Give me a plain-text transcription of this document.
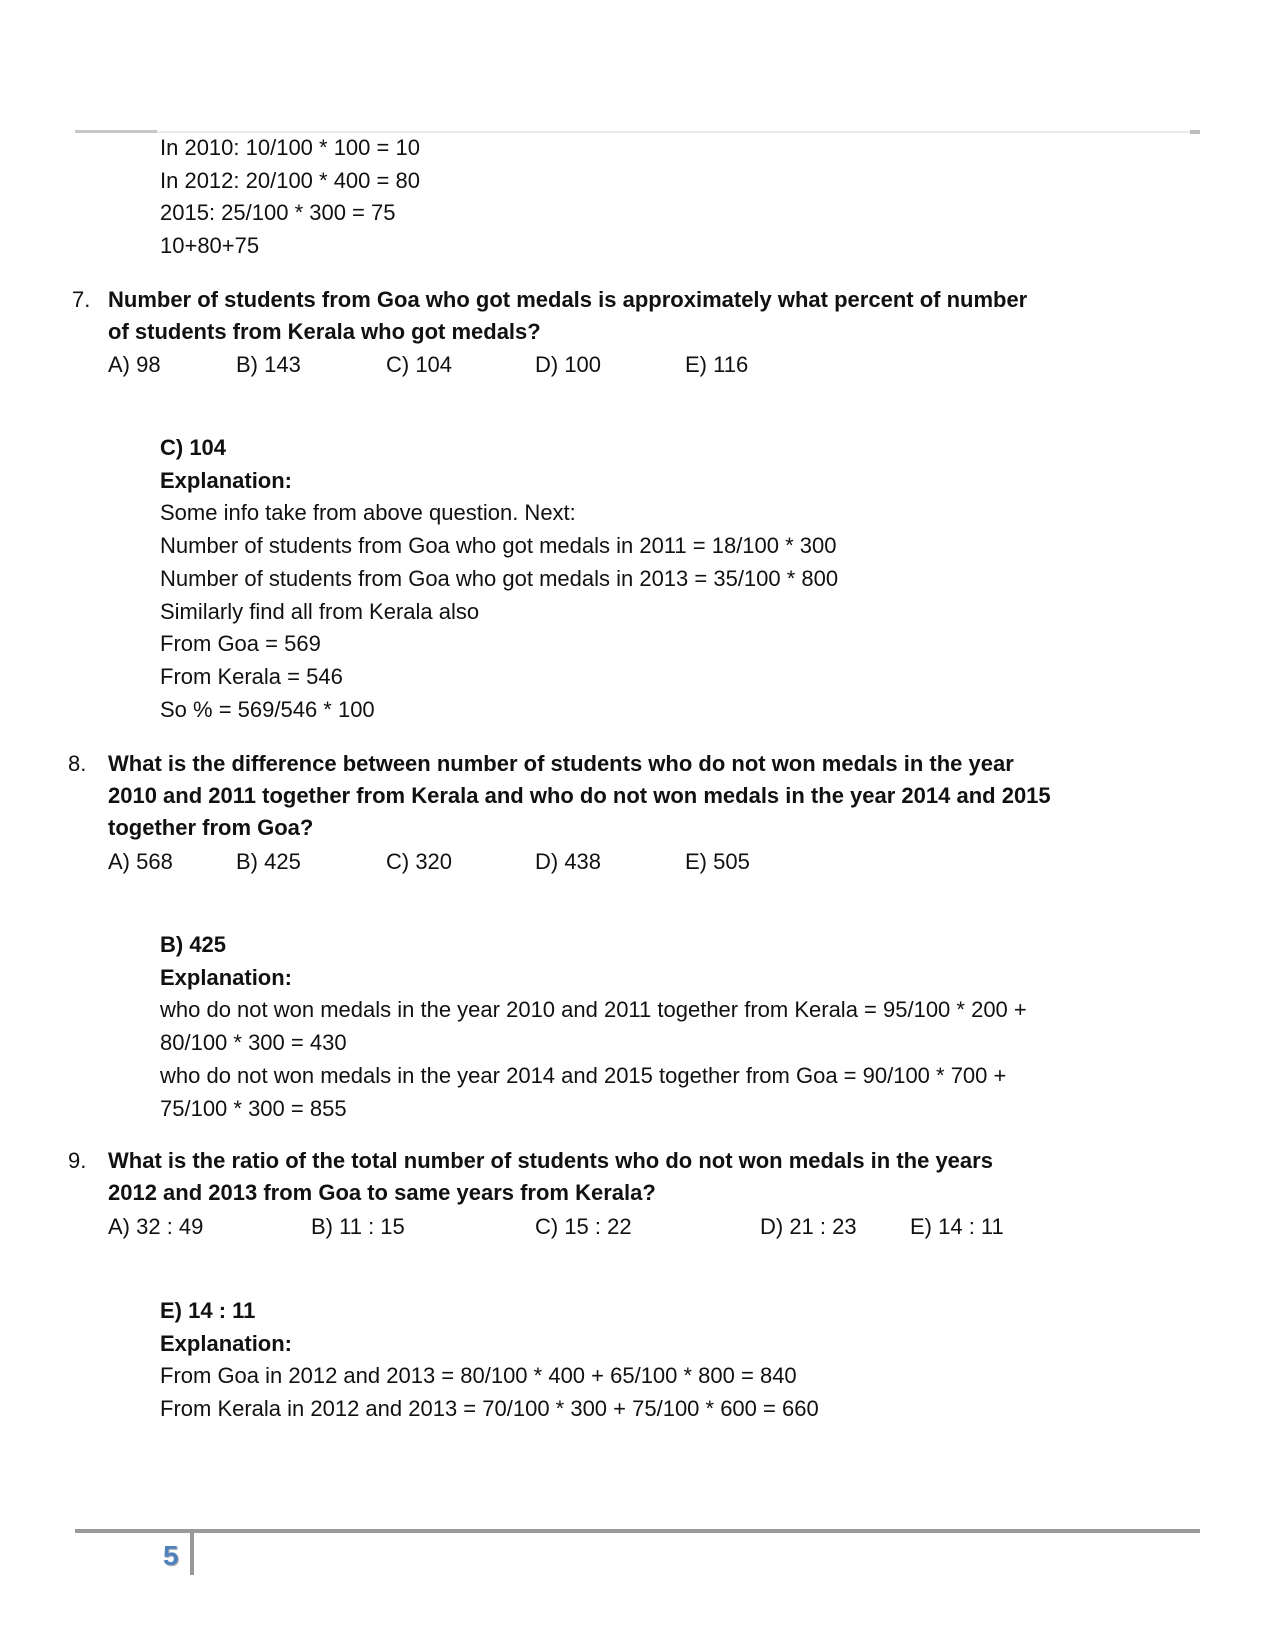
In 2010: 10/100 * 100 = 10
In 2012: 20/100 * 400 = 80
2015: 25/100 * 300 = 75
10+80+75
7. Number of students from Goa who got medals is approximately what percent of number
of students from Kerala who got medals?
A) 98	B) 143	C) 104	D) 100	E) 116
C) 104
Explanation:
Some info take from above question. Next:
Number of students from Goa who got medals in 2011 = 18/100 * 300
Number of students from Goa who got medals in 2013 = 35/100 * 800
Similarly find all from Kerala also
From Goa = 569
From Kerala = 546
So % = 569/546 * 100
8. What is the difference between number of students who do not won medals in the year
2010 and 2011 together from Kerala and who do not won medals in the year 2014 and 2015
together from Goa?
A) 568	B) 425	C) 320	D) 438	E) 505
B) 425
Explanation:
who do not won medals in the year 2010 and 2011 together from Kerala = 95/100 * 200 +
80/100 * 300 = 430
who do not won medals in the year 2014 and 2015 together from Goa = 90/100 * 700 +
75/100 * 300 = 855
9. What is the ratio of the total number of students who do not won medals in the years
2012 and 2013 from Goa to same years from Kerala?
A) 32 : 49	B) 11 : 15	C) 15 : 22	D) 21 : 23 E) 14 : 11
E) 14 : 11
Explanation:
From Goa in 2012 and 2013 = 80/100 * 400 + 65/100 * 800 = 840
From Kerala in 2012 and 2013 = 70/100 * 300 + 75/100 * 600 = 660
5
